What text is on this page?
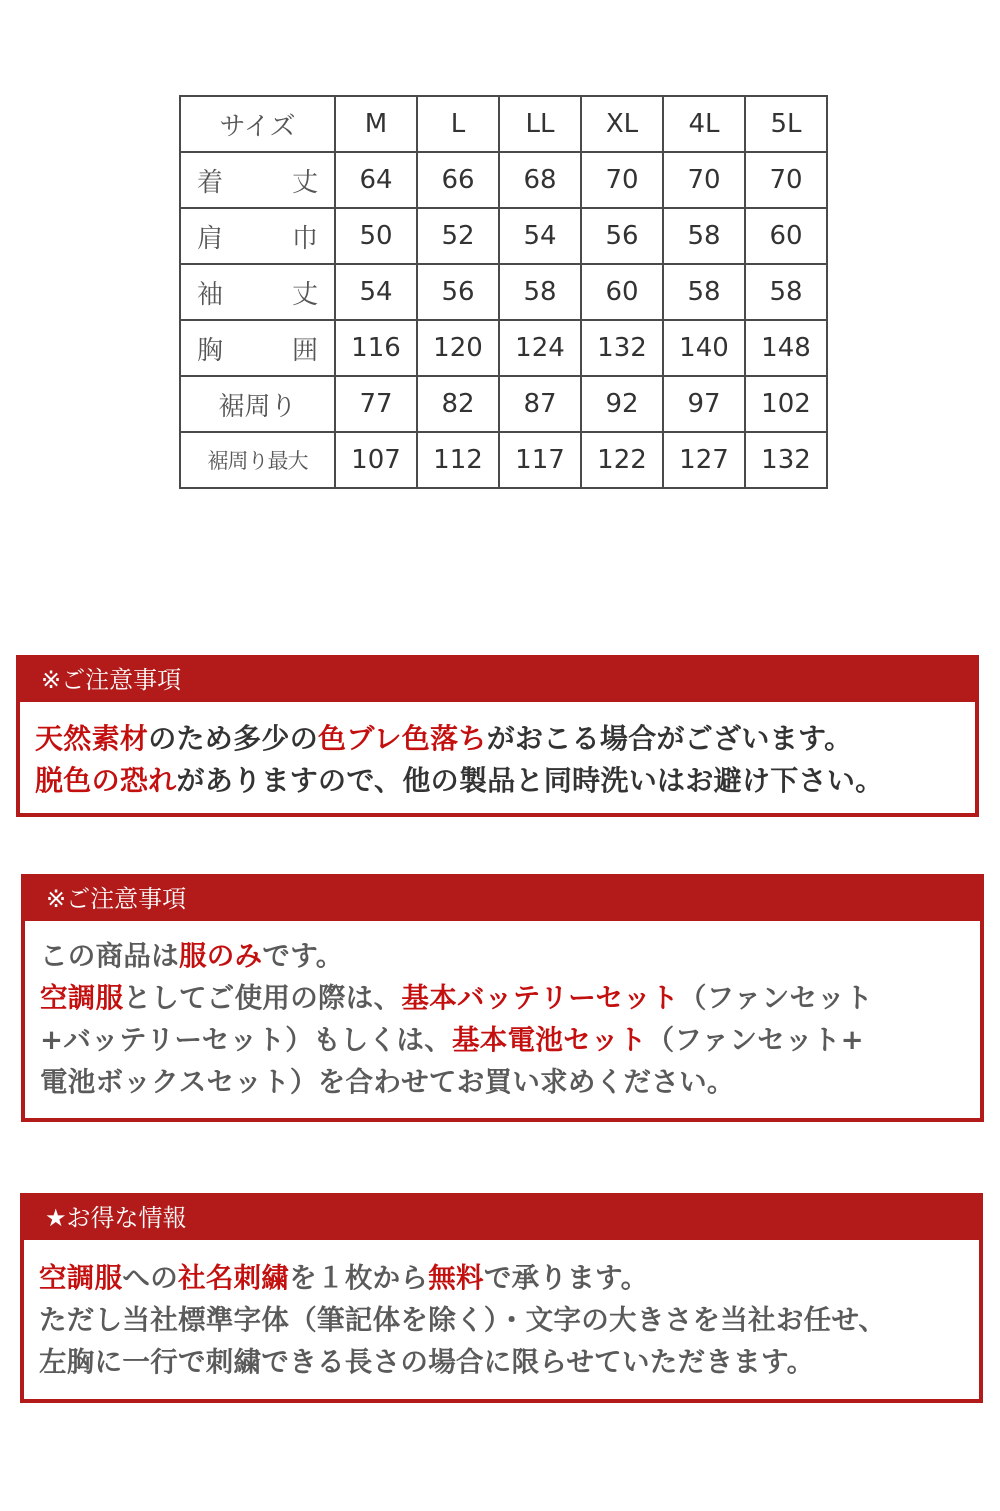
サイズ	M	L	LL	XL	4L	5L
着　丈	64	66	68	70	70	70
肩　巾	50	52	54	56	58	60
袖　丈	54	56	58	60	58	58
胸　囲	116	120	124	132	140	148
裾周り	77	82	87	92	97	102
裾周り最大	107	112	117	122	127	132
※ご注意事項
天然素材のため多少の色ブレ色落ちがおこる場合がございます。
脱色の恐れがありますので、他の製品と同時洗いはお避け下さい。
※ご注意事項
この商品は服のみです。
空調服としてご使用の際は、基本バッテリーセット（ファンセット
+バッテリーセット）もしくは、基本電池セット（ファンセット+
電池ボックスセット）を合わせてお買い求めください。
★お得な情報
空調服への社名刺繍を１枚から無料で承ります。
ただし当社標準字体（筆記体を除く）・文字の大きさを当社お任せ、
左胸に一行で刺繍できる長さの場合に限らせていただきます。
